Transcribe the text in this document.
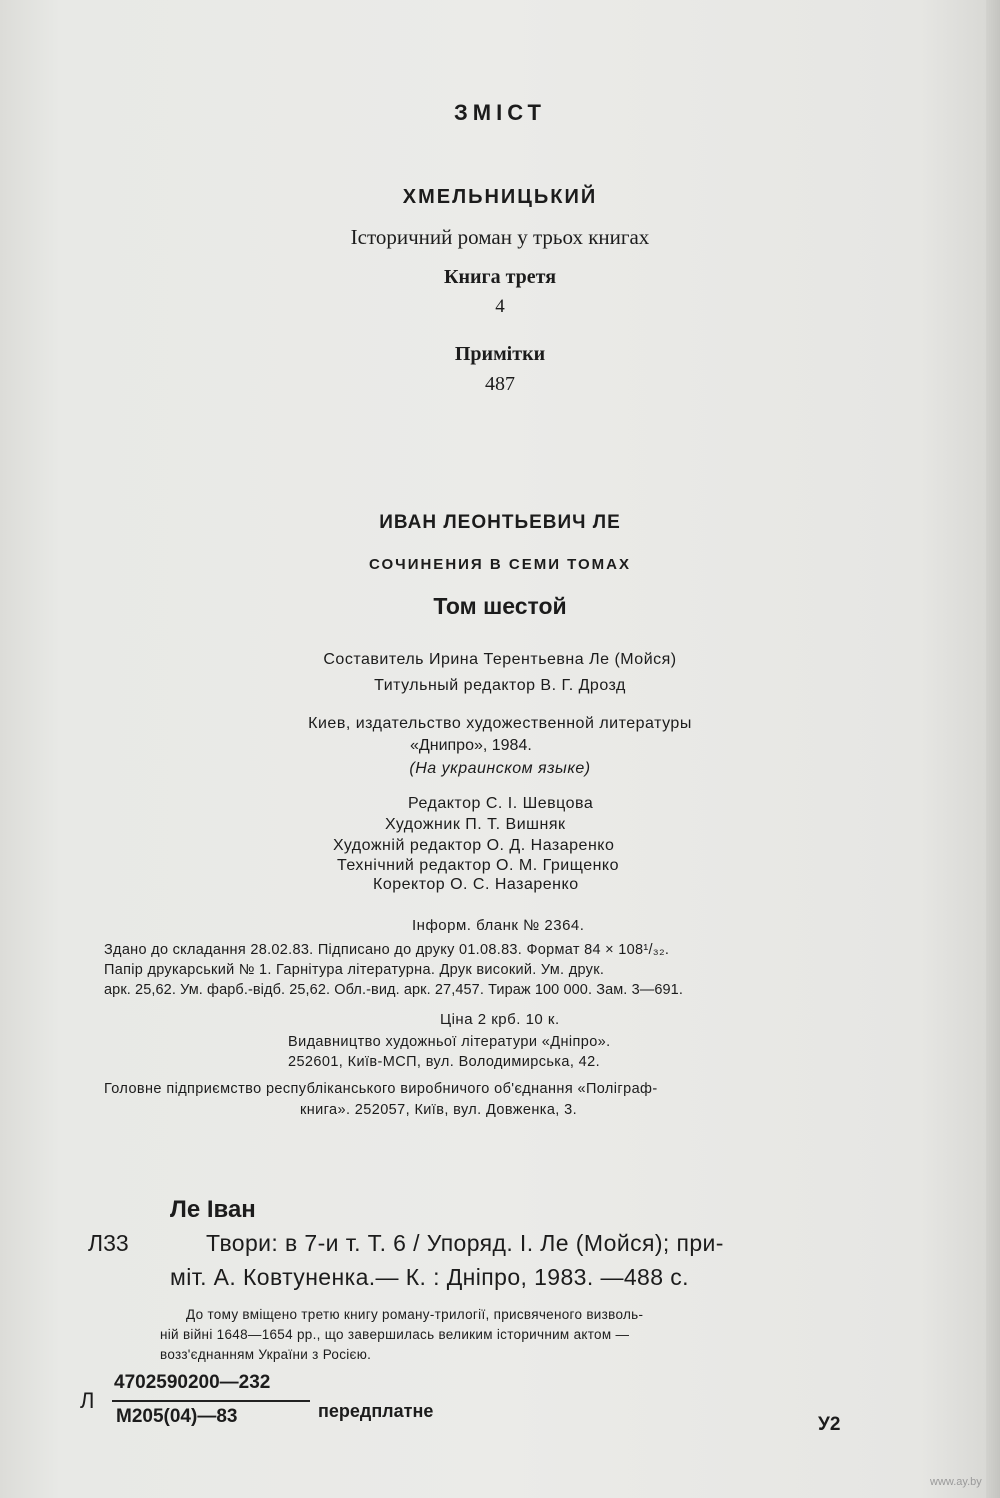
ЗМІСТ
ХМЕЛЬНИЦЬКИЙ
Історичний роман у трьох книгах
Книга третя
4
Примітки
487
ИВАН ЛЕОНТЬЕВИЧ ЛЕ
СОЧИНЕНИЯ В СЕМИ ТОМАХ
Том шестой
Составитель Ирина Терентьевна Ле (Мойся)
Титульный редактор В. Г. Дрозд
Киев, издательство художественной литературы
«Днипро», 1984.
(На украинском языке)
Редактор С. І. Шевцова
Художник П. Т. Вишняк
Художній редактор О. Д. Назаренко
Технічний редактор О. М. Грищенко
Коректор О. С. Назаренко
Інформ. бланк № 2364.
Здано до складання 28.02.83. Підписано до друку 01.08.83. Формат 84 × 108¹/₃₂.
Папір друкарський № 1. Гарнітура літературна. Друк високий. Ум. друк.
арк. 25,62. Ум. фарб.-відб. 25,62. Обл.-вид. арк. 27,457. Тираж 100 000. Зам. 3—691.
Ціна 2 крб. 10 к.
Видавництво художньої літератури «Дніпро».
252601, Київ-МСП, вул. Володимирська, 42.
Головне підприємство республіканського виробничого об'єднання «Поліграф-
книга». 252057, Київ, вул. Довженка, 3.
Ле Іван
Л33	Твори: в 7-и т. Т. 6 / Упоряд. І. Ле (Мойся); при-
міт. А. Ковтуненка.— К. : Дніпро, 1983. —488 с.
До тому вміщено третю книгу роману-трилогії, присвяченого визволь-
ній війні 1648—1654 рр., що завершилась великим історичним актом —
возз'єднанням України з Росією.
Л
4702590200—232
М205(04)—83	передплатне
У2
www.ay.by
